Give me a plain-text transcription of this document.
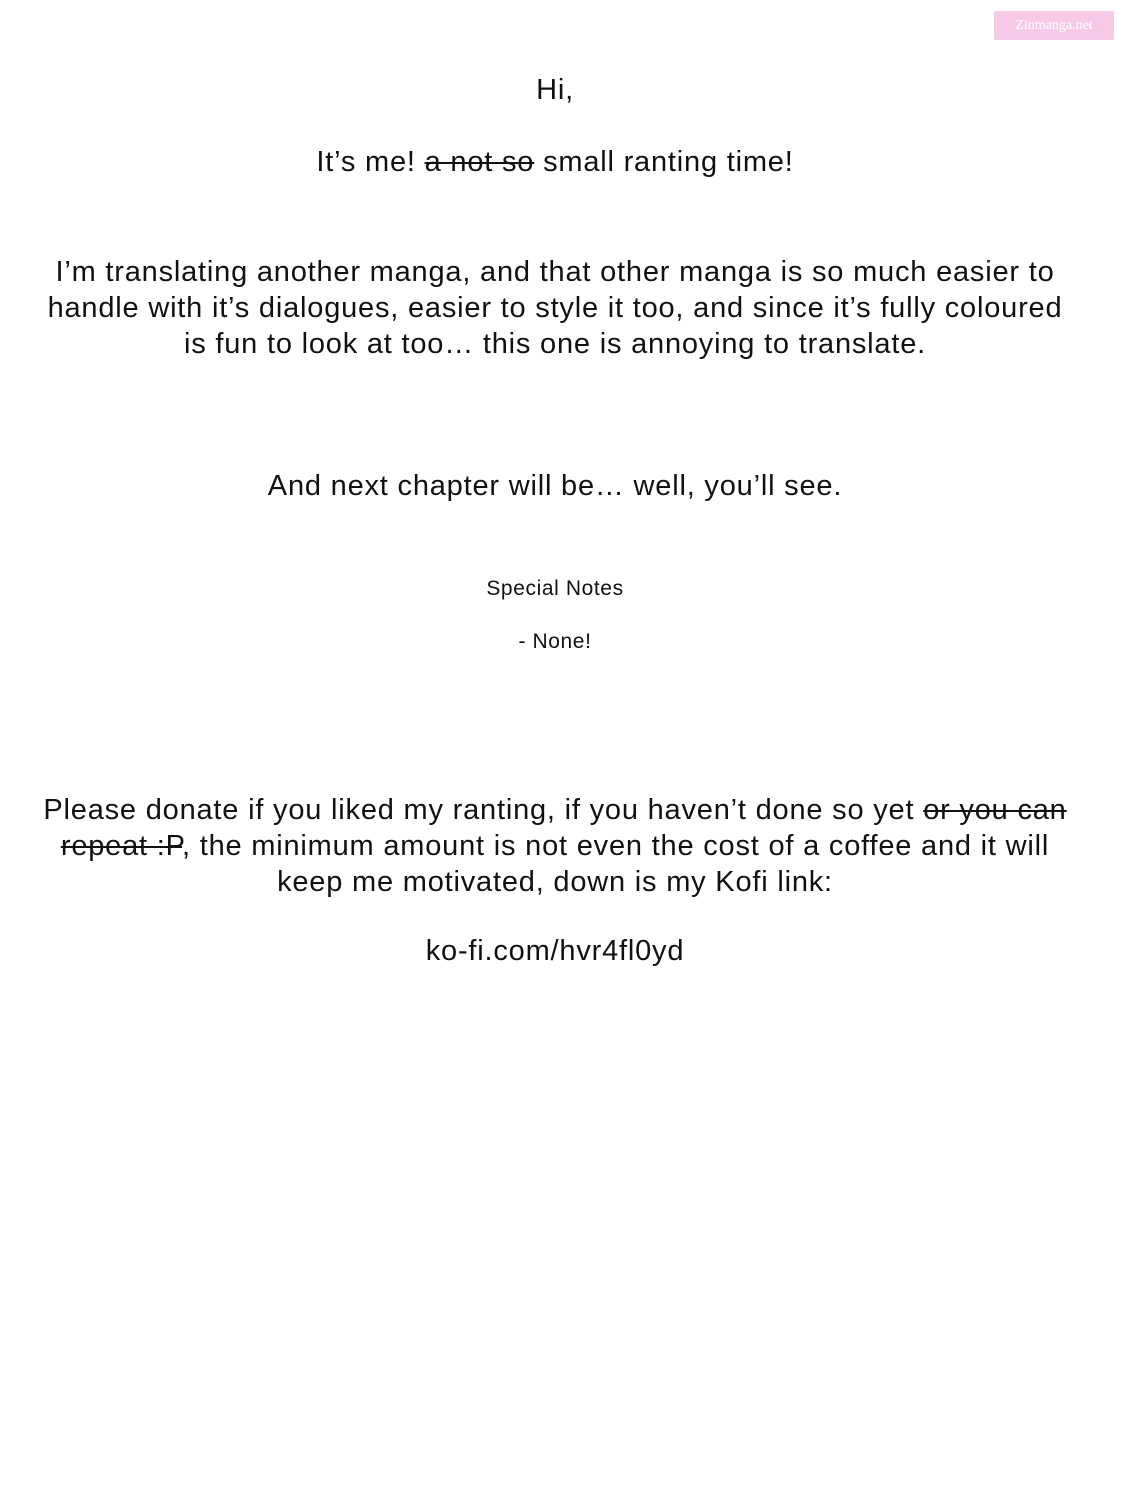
Zinmanga.net
Hi,
It’s me! a not so small ranting time!
I’m translating another manga, and that other manga is so much easier to handle with it’s dialogues, easier to style it too, and since it’s fully coloured is fun to look at too… this one is annoying to translate.
And next chapter will be… well, you’ll see.
Special Notes
- None!
Please donate if you liked my ranting, if you haven’t done so yet or you can repeat :P, the minimum amount is not even the cost of a coffee and it will keep me motivated, down is my Kofi link:
ko-fi.com/hvr4fl0yd
